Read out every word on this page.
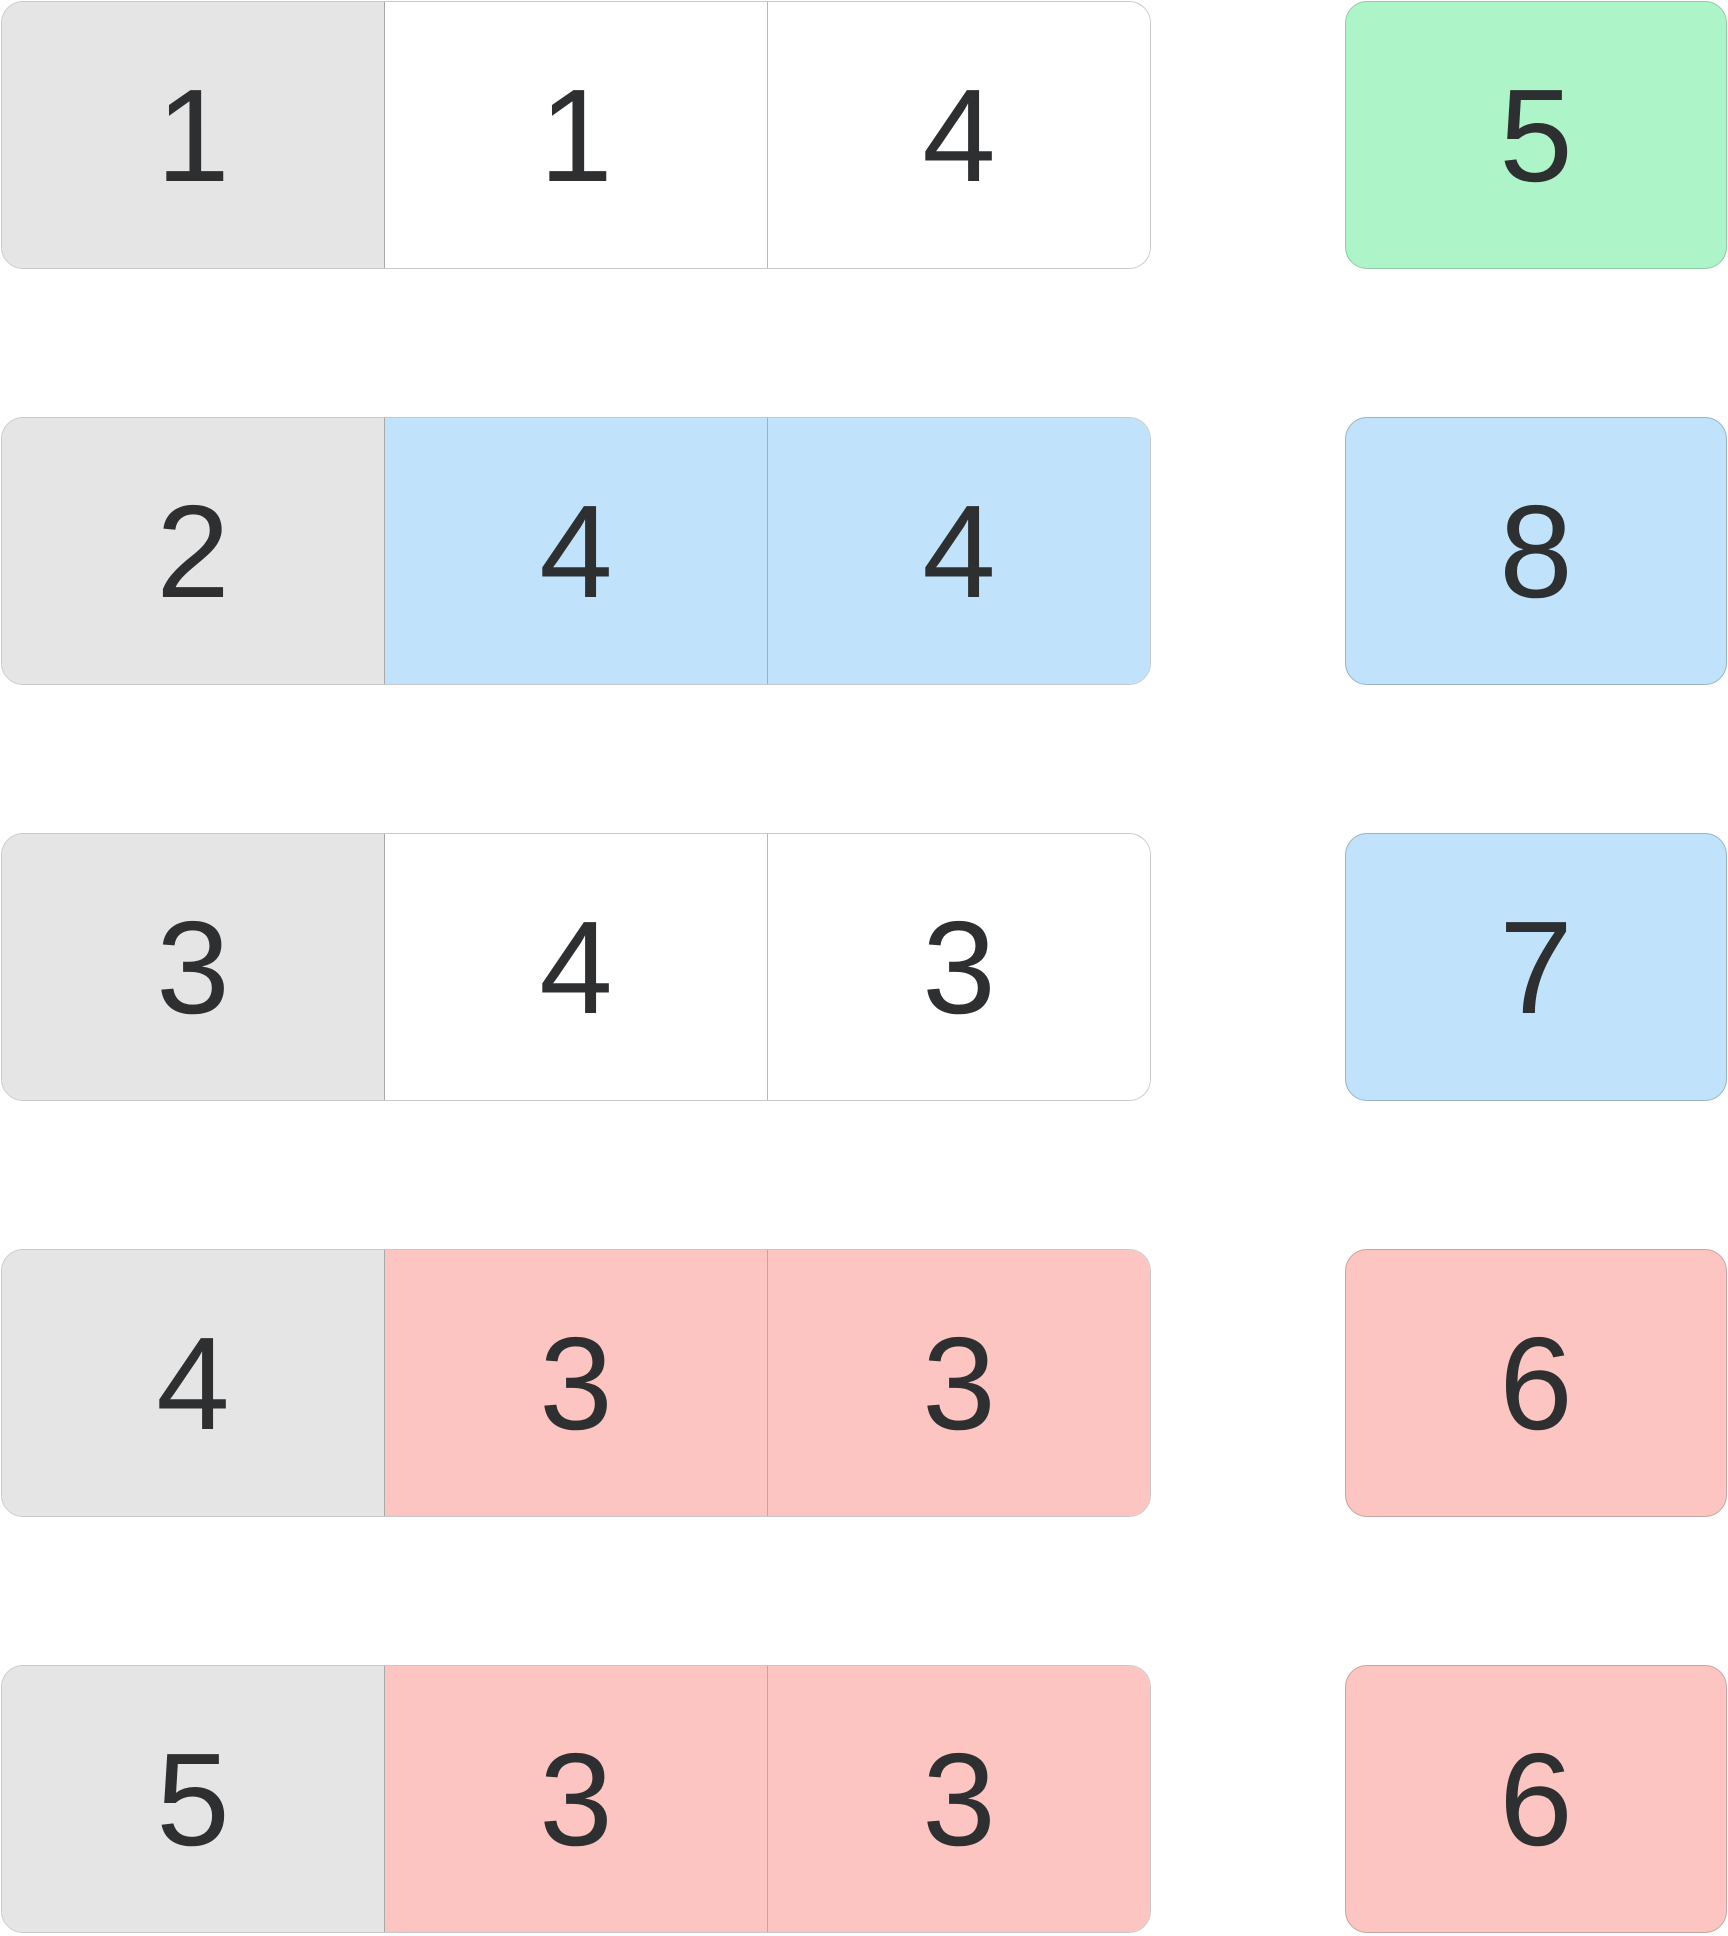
1	1	4	5
2	4	4	8
3	4	3	7
4	3	3	6
5	3	3	6
